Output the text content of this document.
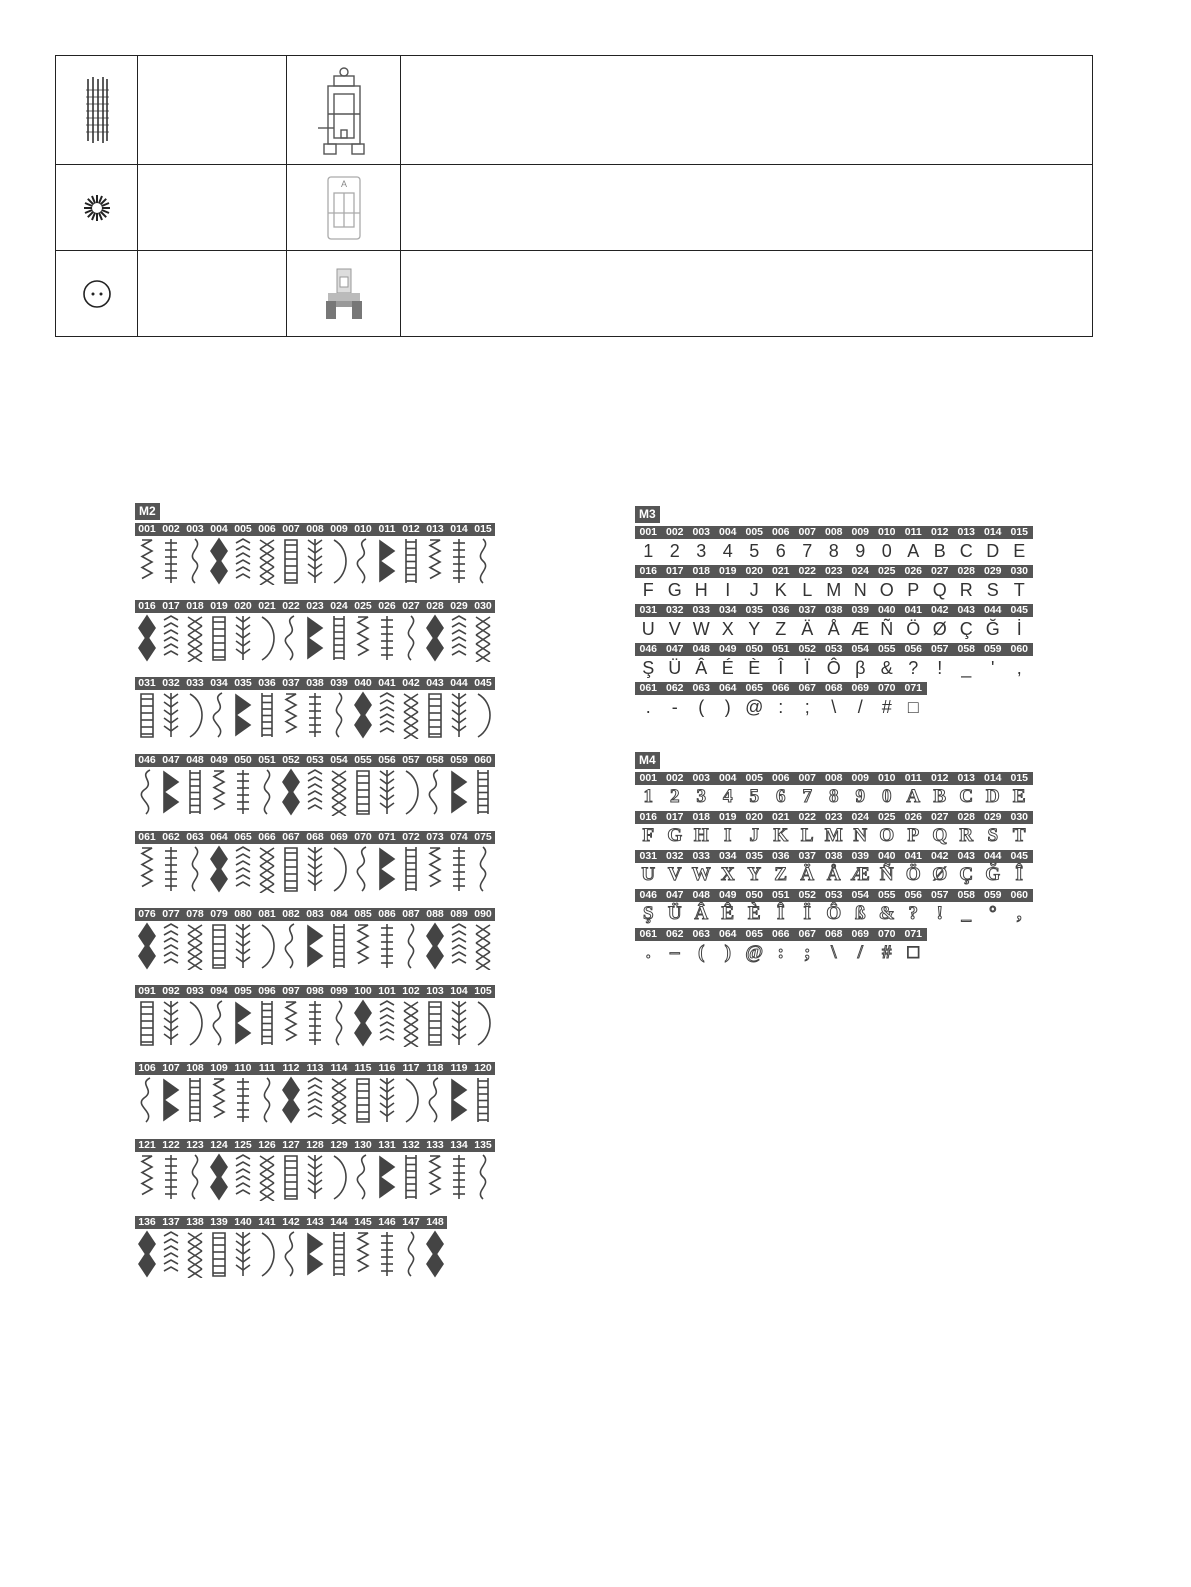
A	

M2
001 002 003 004 005 006 007 008 009 010 011 012 013 014 015
016 017 018 019 020 021 022 023 024 025 026 027 028 029 030
031 032 033 034 035 036 037 038 039 040 041 042 043 044 045
046 047 048 049 050 051 052 053 054 055 056 057 058 059 060
061 062 063 064 065 066 067 068 069 070 071 072 073 074 075
076 077 078 079 080 081 082 083 084 085 086 087 088 089 090
091 092 093 094 095 096 097 098 099 100 101 102 103 104 105
106 107 108 109 110 111 112 113 114 115 116 117 118 119 120
121 122 123 124 125 126 127 128 129 130 131 132 133 134 135
136 137 138 139 140 141 142 143 144 145 146 147 148
M3
001 002 003 004 005 006 007 008 009 010 011 012 013 014 015
1 2 3 4 5 6 7 8 9 0 A B C D E
016 017 018 019 020 021 022 023 024 025 026 027 028 029 030
F G H I	J K L M N O P Q R S T
031 032 033 034 035 036 037 038 039 040 041 042 043 044 045
U V W X Y Z Ä Å Æ Ñ Ö Ø Ç Ğ İ
046 047 048 049 050 051 052 053 054 055 056 057 058 059 060
Ş Ü Â É È Î	Ï Ô β & ?	!	_	'	,
061 062 063 064 065 066 067 068 069 070 071
.	-	(	) @ :	;	\	/	# □
M4
001 002 003 004 005 006 007 008 009 010 011 012 013 014 015
1 2 3 4 5 6 7 8 9 0 A B C D E
016 017 018 019 020 021 022 023 024 025 026 027 028 029 030
F G H I J K L M N O P Q R S T
031 032 033 034 035 036 037 038 039 040 041 042 043 044 045
U V W X Y Z Ä Å Æ Ñ Ö Ø Ç Ğ Î
046 047 048 049 050 051 052 053 054 055 056 057 058 059 060
Ş Ü Â Ê È Î	Ï Ô ß & ? ! _ °	,
061 062 063 064 065 066 067 068 069 070 071
.	– (	) @ :	;	\	/	# □
